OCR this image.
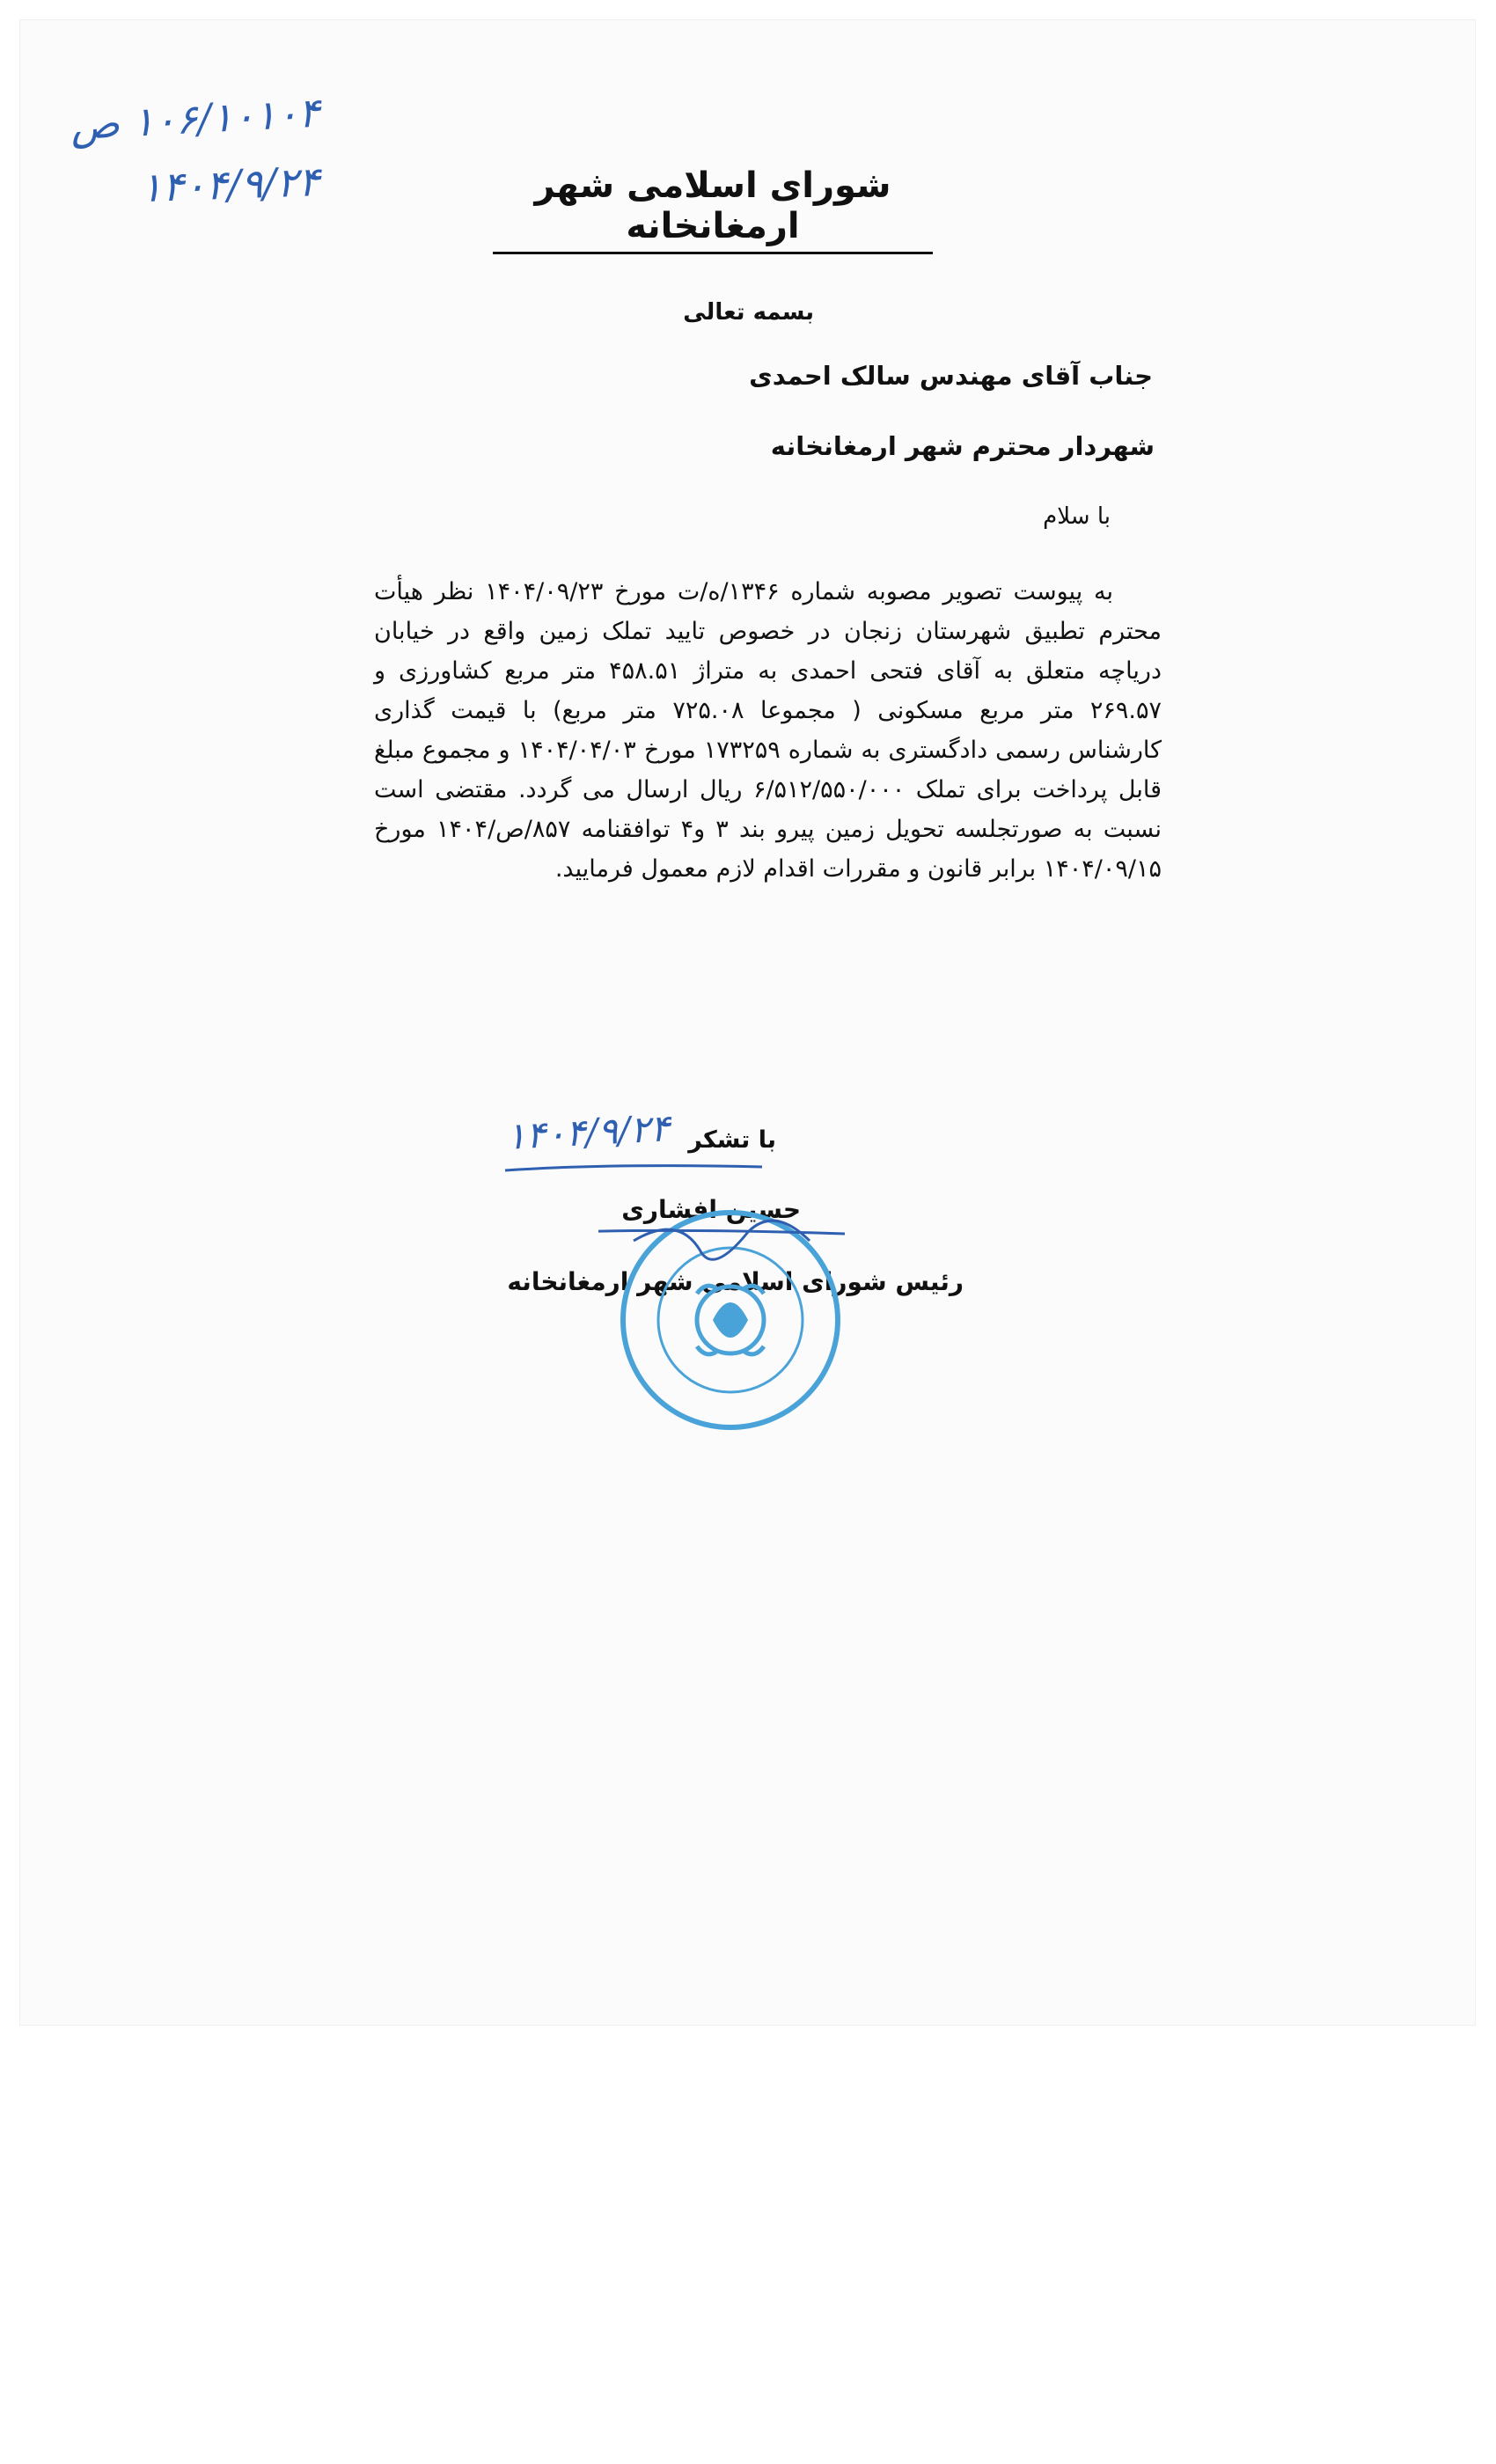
۱۰۶/۱۰۱۰۴ ص
۱۴۰۴/۹/۲۴	شورای اسلامی شهر ارمغانخانه
بسمه تعالی
جناب آقای مهندس سالک احمدی
شهردار محترم شهر ارمغانخانه
با سلام

به پیوست تصویر مصوبه شماره ۱۳۴۶/ه/ت مورخ ۱۴۰۴/۰۹/۲۳ نظر هیأت محترم تطبیق شهرستان زنجان در خصوص تایید تملک زمین واقع در خیابان دریاچه متعلق به آقای فتحی احمدی به متراژ ۴۵۸.۵۱ متر مربع کشاورزی و ۲۶۹.۵۷ متر مربع مسکونی ( مجموعا ۷۲۵.۰۸ متر مربع) با قیمت گذاری کارشناس رسمی دادگستری به شماره ۱۷۳۲۵۹ مورخ ۱۴۰۴/۰۴/۰۳ و مجموع مبلغ قابل پرداخت برای تملک ۶/۵۱۲/۵۵۰/۰۰۰ ریال ارسال می گردد. مقتضی است نسبت به صورتجلسه تحویل زمین پیرو بند ۳ و۴ توافقنامه ۸۵۷/ص/۱۴۰۴ مورخ ۱۴۰۴/۰۹/۱۵ برابر قانون و مقررات اقدام لازم معمول فرمایید.

۱۴۰۴/۹/۲۴ با تشکر
حسین افشاری
رئیس شورای اسلامی شهر ارمغانخانه
